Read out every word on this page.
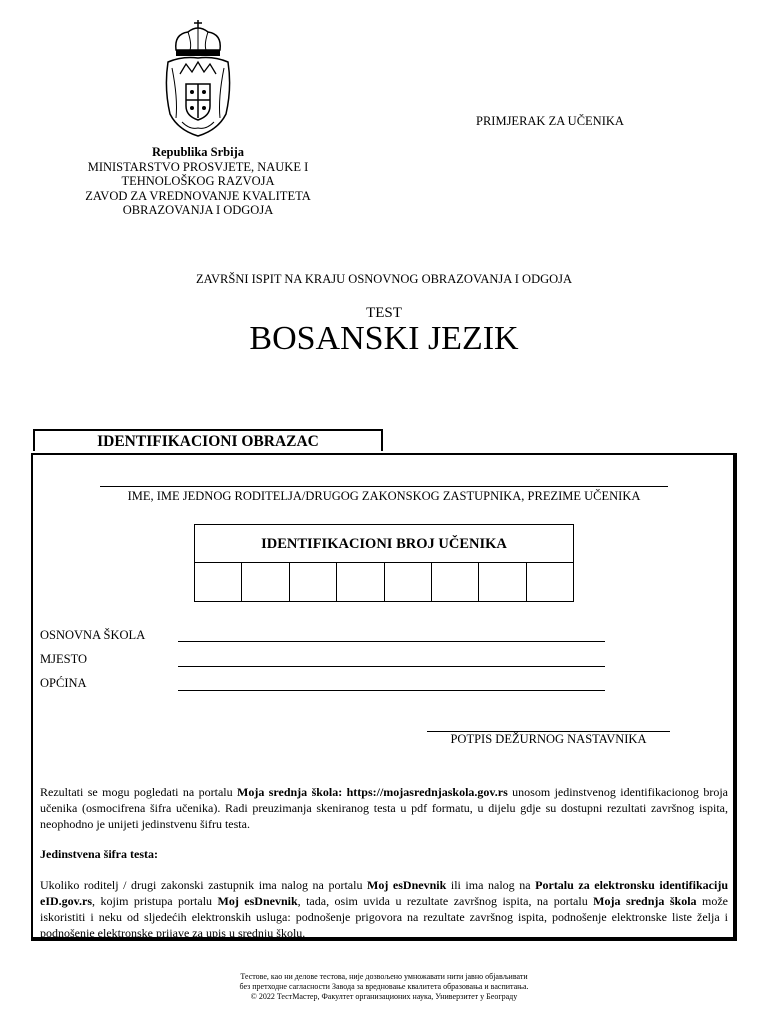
Republika Srbija
MINISTARSTVO PROSVJETE, NAUKE I
TEHNOLOŠKOG RAZVOJA
ZAVOD ZA VREDNOVANJE KVALITETA
OBRAZOVANJA I ODGOJA
PRIMJERAK ZA UČENIKA
ZAVRŠNI ISPIT NA KRAJU OSNOVNOG OBRAZOVANJA I ODGOJA
TEST
BOSANSKI JEZIK
IDENTIFIKACIONI OBRAZAC
IME, IME JEDNOG RODITELJA/DRUGOG ZAKONSKOG ZASTUPNIKA, PREZIME UČENIKA
IDENTIFIKACIONI BROJ UČENIKA
OSNOVNA ŠKOLA
MJESTO
OPĆINA
POTPIS DEŽURNOG NASTAVNIKA
Rezultati se mogu pogledati na portalu Moja srednja škola: https://mojasrednjaskola.gov.rs unosom jedinstvenog identifikacionog broja učenika (osmocifrena šifra učenika). Radi preuzimanja skeniranog testa u pdf formatu, u dijelu gdje su dostupni rezultati završnog ispita, neophodno je unijeti jedinstvenu šifru testa.
Jedinstvena šifra testa:
Ukoliko roditelj / drugi zakonski zastupnik ima nalog na portalu Moj esDnevnik ili ima nalog na Portalu za elektronsku identifikaciju eID.gov.rs, kojim pristupa portalu Moj esDnevnik, tada, osim uvida u rezultate završnog ispita, na portalu Moja srednja škola može iskoristiti i neku od sljedećih elektronskih usluga: podnošenje prigovora na rezultate završnog ispita, podnošenje elektronske liste želja i podnošenje elektronske prijave za upis u srednju školu.
Тестове, као ни делове тестова, није дозвољено умножавати нити јавно објављивати
без претходне сагласности Завода за вредновање квалитета образовања и васпитања.
© 2022 ТестМастер, Факултет организационих наука, Универзитет у Београду
